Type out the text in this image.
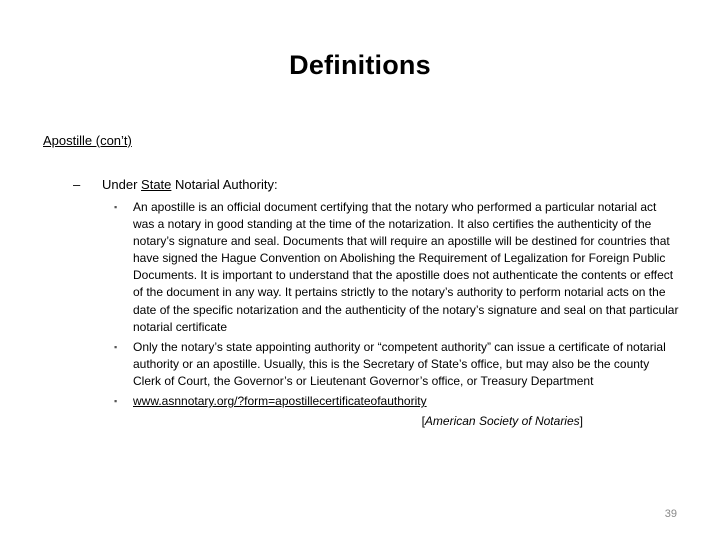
Definitions
Apostille (con’t)
– Under State Notarial Authority:
▪ An apostille is an official document certifying that the notary who performed a particular notarial act was a notary in good standing at the time of the notarization. It also certifies the authenticity of the notary’s signature and seal. Documents that will require an apostille will be destined for countries that have signed the Hague Convention on Abolishing the Requirement of Legalization for Foreign Public Documents. It is important to understand that the apostille does not authenticate the contents or effect of the document in any way. It pertains strictly to the notary’s authority to perform notarial acts on the date of the specific notarization and the authenticity of the notary’s signature and seal on that particular notarial certificate
▪ Only the notary’s state appointing authority or “competent authority” can issue a certificate of notarial authority or an apostille. Usually, this is the Secretary of State’s office, but may also be the county Clerk of Court, the Governor’s or Lieutenant Governor’s office, or Treasury Department
▪ www.asnnotary.org/?form=apostillecertificateofauthority
[American Society of Notaries]
39
